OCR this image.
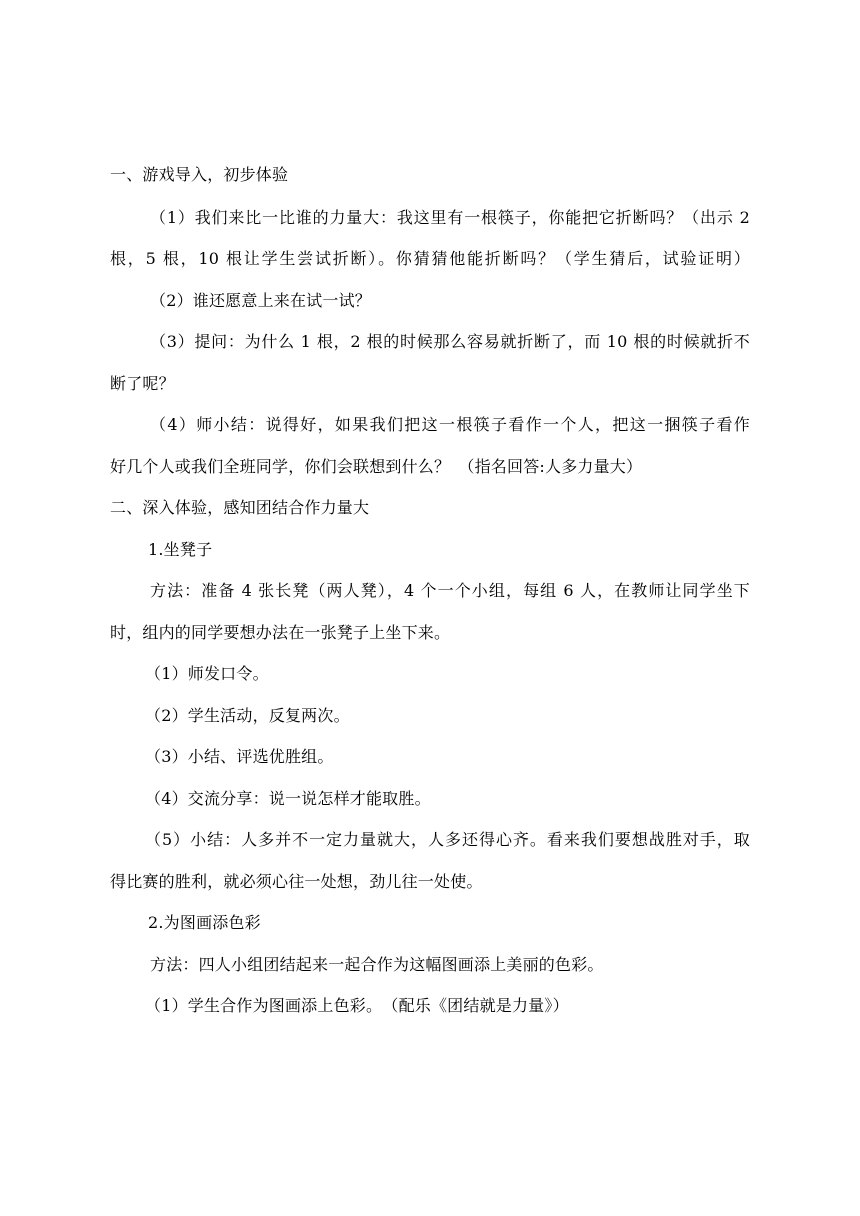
一、游戏导入，初步体验
（1）我们来比一比谁的力量大：我这里有一根筷子，你能把它折断吗？（出示 2
根，5 根，10 根让学生尝试折断）。你猜猜他能折断吗？（学生猜后，试验证明）
（2）谁还愿意上来在试一试？
（3）提问：为什么 1 根，2 根的时候那么容易就折断了，而 10 根的时候就折不
断了呢？
（4）师小结：说得好，如果我们把这一根筷子看作一个人，把这一捆筷子看作
好几个人或我们全班同学，你们会联想到什么？　（指名回答:人多力量大）
二、深入体验，感知团结合作力量大
1.坐凳子
方法：准备 4 张长凳（两人凳），4 个一个小组，每组 6 人，在教师让同学坐下
时，组内的同学要想办法在一张凳子上坐下来。
（1）师发口令。
（2）学生活动，反复两次。
（3）小结、评选优胜组。
（4）交流分享：说一说怎样才能取胜。
（5）小结：人多并不一定力量就大，人多还得心齐。看来我们要想战胜对手，取
得比赛的胜利，就必须心往一处想，劲儿往一处使。
2.为图画添色彩
方法：四人小组团结起来一起合作为这幅图画添上美丽的色彩。
（1）学生合作为图画添上色彩。　（配乐《团结就是力量》）
